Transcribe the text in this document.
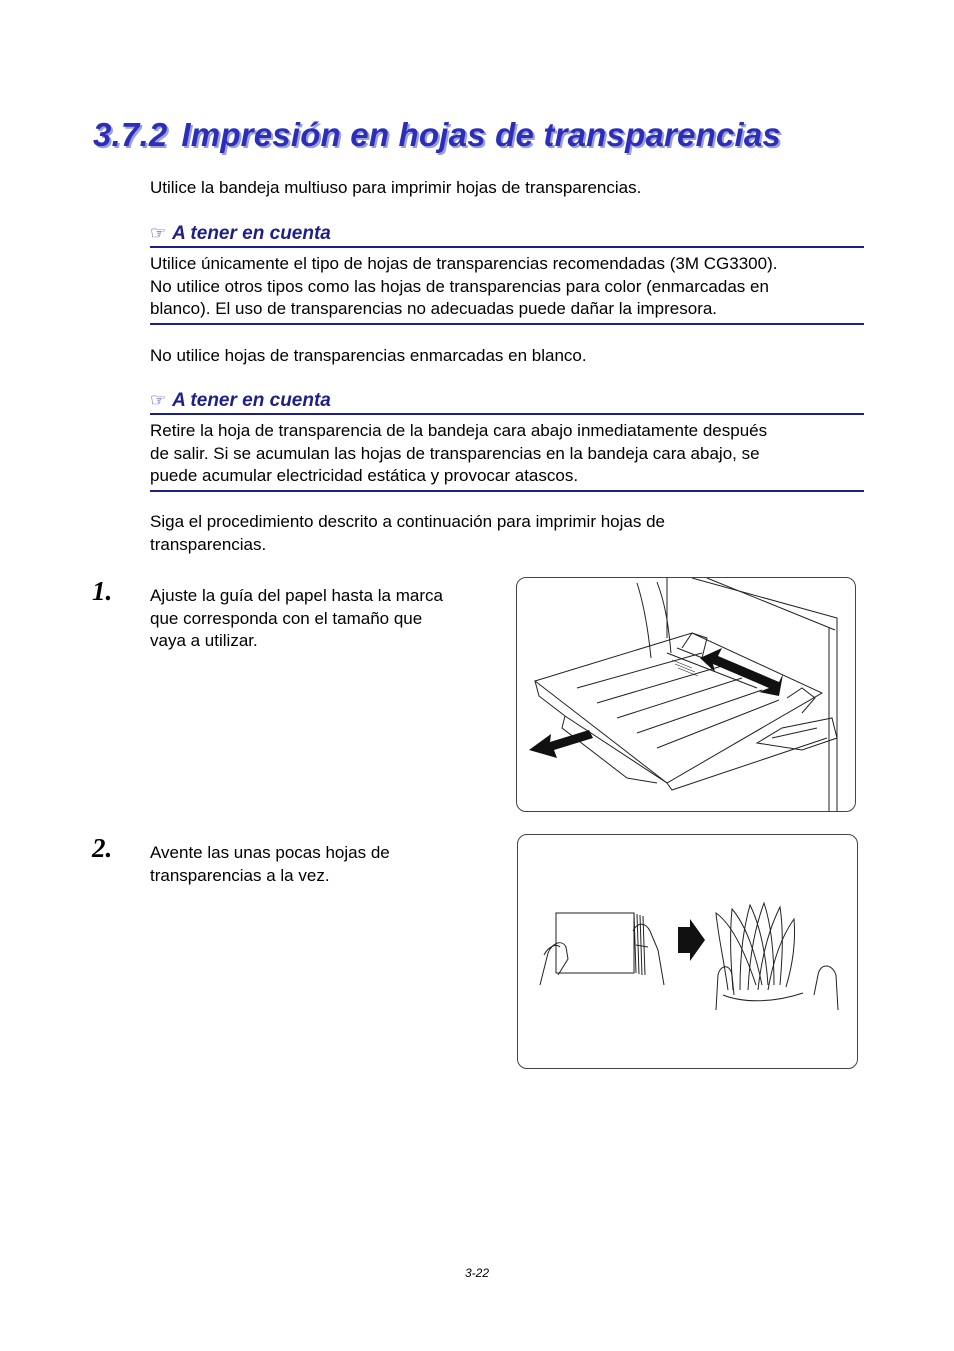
3.7.2 Impresión en hojas de transparencias

Utilice la bandeja multiuso para imprimir hojas de transparencias.

☞ A tener en cuenta
Utilice únicamente el tipo de hojas de transparencias recomendadas (3M CG3300).
No utilice otros tipos como las hojas de transparencias para color (enmarcadas en
blanco). El uso de transparencias no adecuadas puede dañar la impresora.

No utilice hojas de transparencias enmarcadas en blanco.

☞ A tener en cuenta
Retire la hoja de transparencia de la bandeja cara abajo inmediatamente después
de salir. Si se acumulan las hojas de transparencias en la bandeja cara abajo, se
puede acumular electricidad estática y provocar atascos.
Siga el procedimiento descrito a continuación para imprimir hojas de
transparencias.
1. Ajuste la guía del papel hasta la marca
que corresponda con el tamaño que
vaya a utilizar.
2. Avente las unas pocas hojas de
transparencias a la vez.
3-22
